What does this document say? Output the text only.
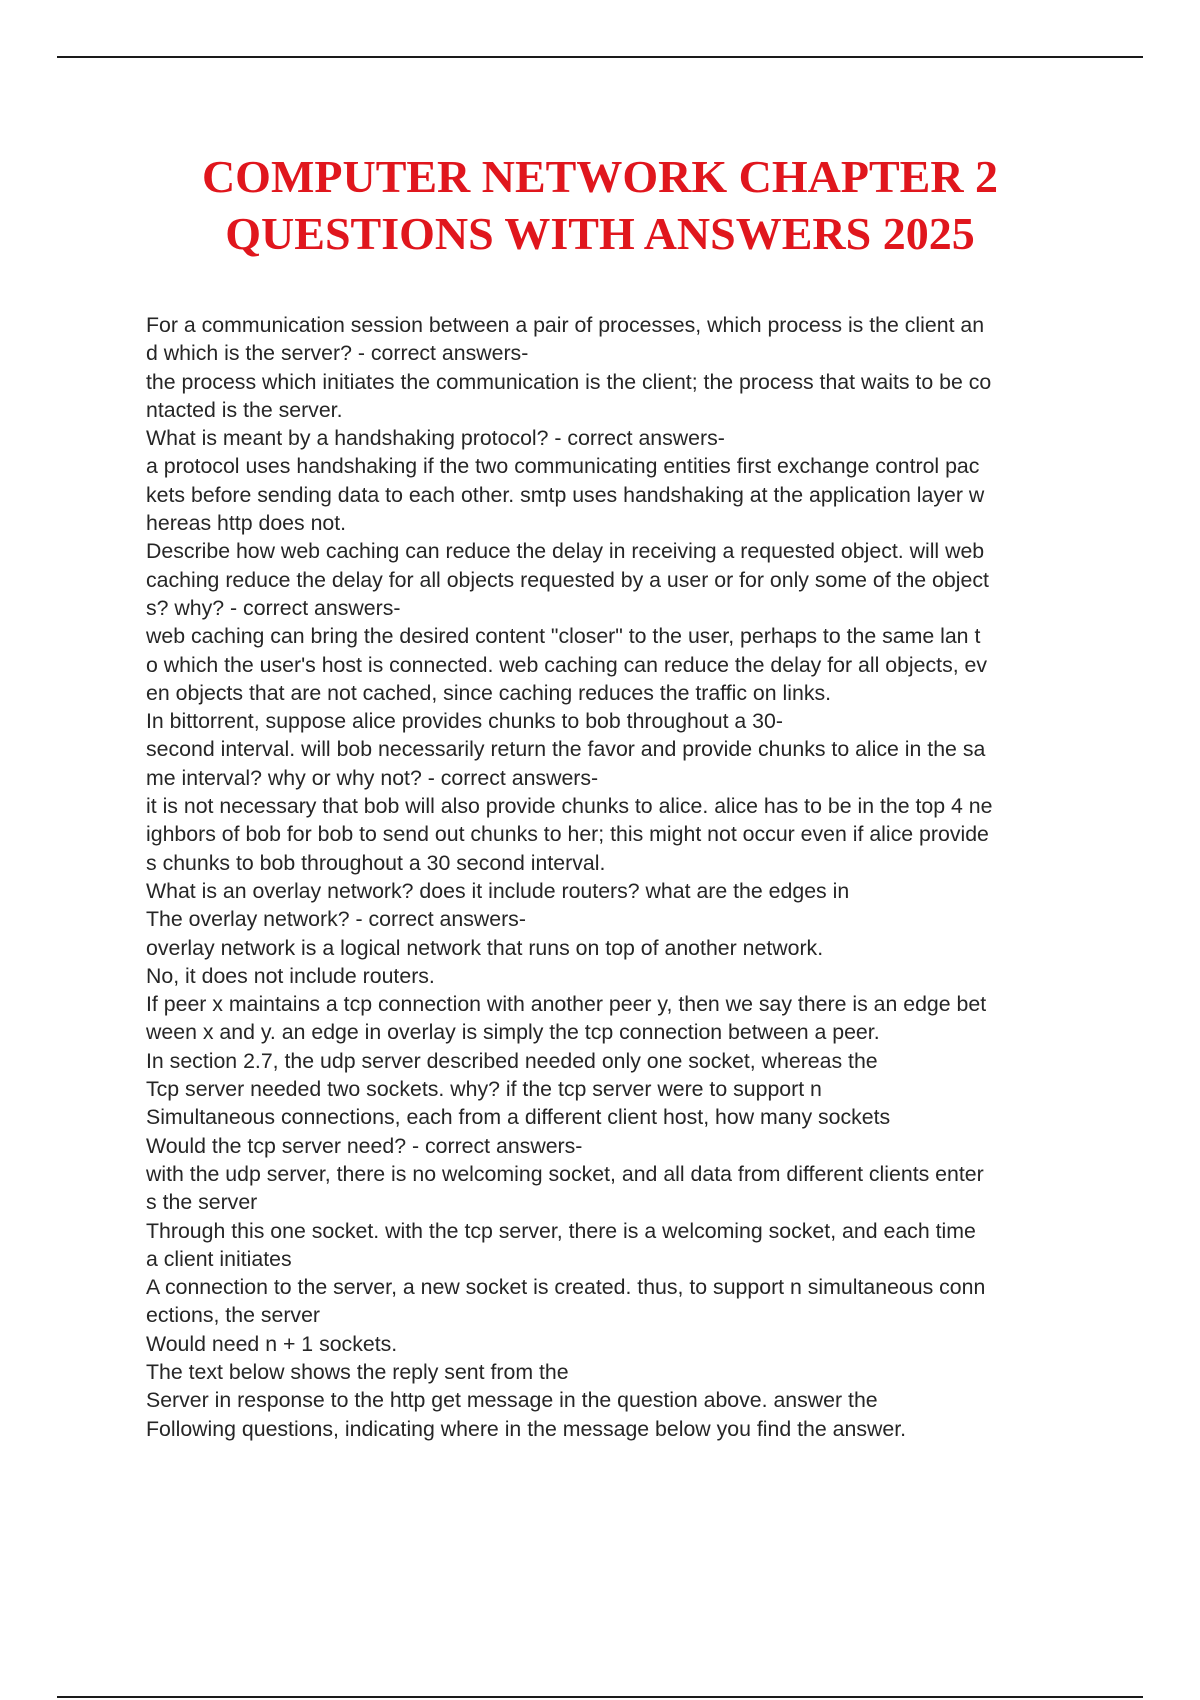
COMPUTER NETWORK CHAPTER 2
QUESTIONS WITH ANSWERS 2025
For a communication session between a pair of processes, which process is the client an
d which is the server? - correct answers-
the process which initiates the communication is the client; the process that waits to be co
ntacted is the server.
What is meant by a handshaking protocol? - correct answers-
a protocol uses handshaking if the two communicating entities first exchange control pac
kets before sending data to each other. smtp uses handshaking at the application layer w
hereas http does not.
Describe how web caching can reduce the delay in receiving a requested object. will web
caching reduce the delay for all objects requested by a user or for only some of the object
s? why? - correct answers-
web caching can bring the desired content "closer" to the user, perhaps to the same lan t
o which the user's host is connected. web caching can reduce the delay for all objects, ev
en objects that are not cached, since caching reduces the traffic on links.
In bittorrent, suppose alice provides chunks to bob throughout a 30-
second interval. will bob necessarily return the favor and provide chunks to alice in the sa
me interval? why or why not? - correct answers-
it is not necessary that bob will also provide chunks to alice. alice has to be in the top 4 ne
ighbors of bob for bob to send out chunks to her; this might not occur even if alice provide
s chunks to bob throughout a 30 second interval.
What is an overlay network? does it include routers? what are the edges in
The overlay network? - correct answers-
overlay network is a logical network that runs on top of another network.
No, it does not include routers.
If peer x maintains a tcp connection with another peer y, then we say there is an edge bet
ween x and y. an edge in overlay is simply the tcp connection between a peer.
In section 2.7, the udp server described needed only one socket, whereas the
Tcp server needed two sockets. why? if the tcp server were to support n
Simultaneous connections, each from a different client host, how many sockets
Would the tcp server need? - correct answers-
with the udp server, there is no welcoming socket, and all data from different clients enter
s the server
Through this one socket. with the tcp server, there is a welcoming socket, and each time
a client initiates
A connection to the server, a new socket is created. thus, to support n simultaneous conn
ections, the server
Would need n + 1 sockets.
The text below shows the reply sent from the
Server in response to the http get message in the question above. answer the
Following questions, indicating where in the message below you find the answer.
